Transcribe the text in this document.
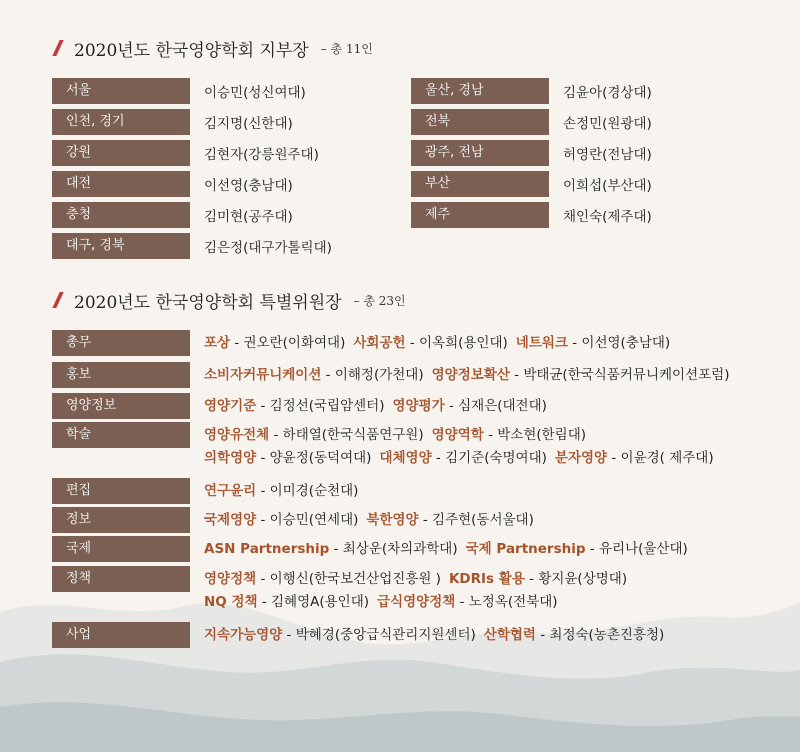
2020년도 한국영양학회 지부장 – 총 11인
서울	이승민(성신여대)
인천, 경기	김지명(신한대)
강원	김현자(강릉원주대)
대전	이선영(충남대)
충청	김미현(공주대)
대구, 경북	김은정(대구가톨릭대)
울산, 경남	김윤아(경상대)
전북	손정민(원광대)
광주, 전남	허영란(전남대)
부산	이희섭(부산대)
제주	채인숙(제주대)
2020년도 한국영양학회 특별위원장 – 총 23인
총무	포상 - 권오란(이화여대) 사회공헌 - 이옥희(용인대) 네트워크 - 이선영(충남대)
홍보	소비자커뮤니케이션 - 이해정(가천대) 영양정보확산 - 박태균(한국식품커뮤니케이션포럼)
영양정보	영양기준 - 김정선(국립암센터) 영양평가 - 심재은(대전대)
학술	영양유전체 - 하태열(한국식품연구원) 영양역학 - 박소현(한림대)
의학영양 - 양윤정(동덕여대) 대체영양 - 김기준(숙명여대) 분자영양 - 이윤경( 제주대)
편집	연구윤리 - 이미경(순천대)
정보	국제영양 - 이승민(연세대) 북한영양 - 김주현(동서울대)
국제	ASN Partnership - 최상운(차의과학대) 국제 Partnership - 유리나(울산대)
정책	영양정책 - 이행신(한국보건산업진흥원 ) KDRIs 활용 - 황지윤(상명대)
NQ 정책 - 김혜영A(용인대) 급식영양정책 - 노정옥(전북대)
사업	지속가능영양 - 박혜경(중앙급식관리지원센터) 산학협력 - 최정숙(농촌진흥청)
